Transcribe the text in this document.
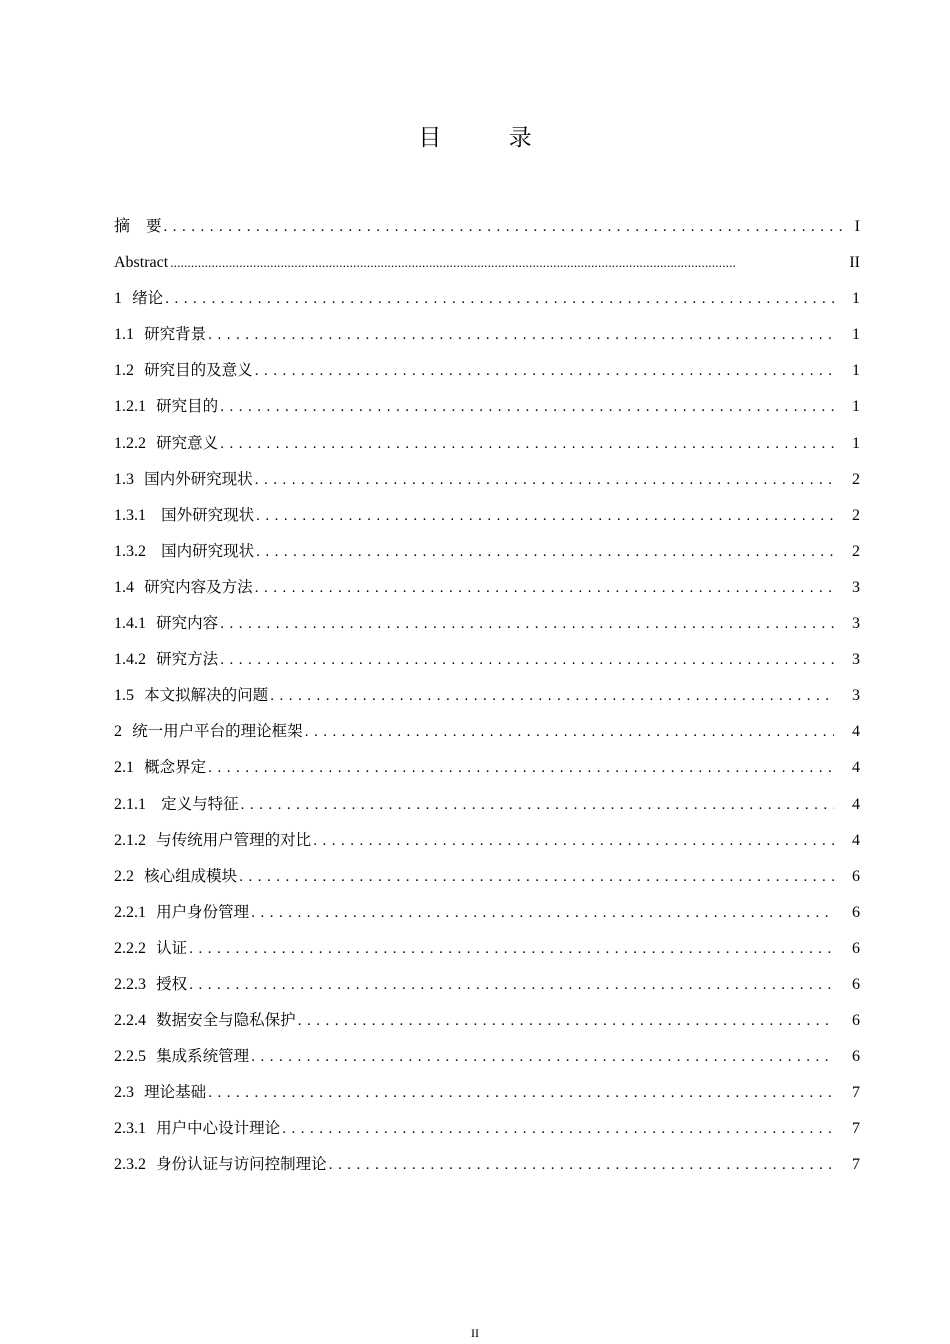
目 录
摘  要 .....	I
Abstract .....	II
1 绪论 .....	1
1.1 研究背景 .....	1
1.2 研究目的及意义 .....	1
1.2.1 研究目的 .....	1
1.2.2 研究意义 .....	1
1.3 国内外研究现状 .....	2
1.3.1   国外研究现状 .....	2
1.3.2   国内研究现状 .....	2
1.4 研究内容及方法 .....	3
1.4.1 研究内容 .....	3
1.4.2 研究方法 .....	3
1.5 本文拟解决的问题 .....	3
2 统一用户平台的理论框架 .....	4
2.1 概念界定 .....	4
2.1.1   定义与特征 .....	4
2.1.2 与传统用户管理的对比 .....	4
2.2 核心组成模块 .....	6
2.2.1 用户身份管理 .....	6
2.2.2 认证 .....	6
2.2.3 授权 .....	6
2.2.4 数据安全与隐私保护 .....	6
2.2.5 集成系统管理 .....	6
2.3 理论基础 .....	7
2.3.1 用户中心设计理论 .....	7
2.3.2 身份认证与访问控制理论 .....	7
II
